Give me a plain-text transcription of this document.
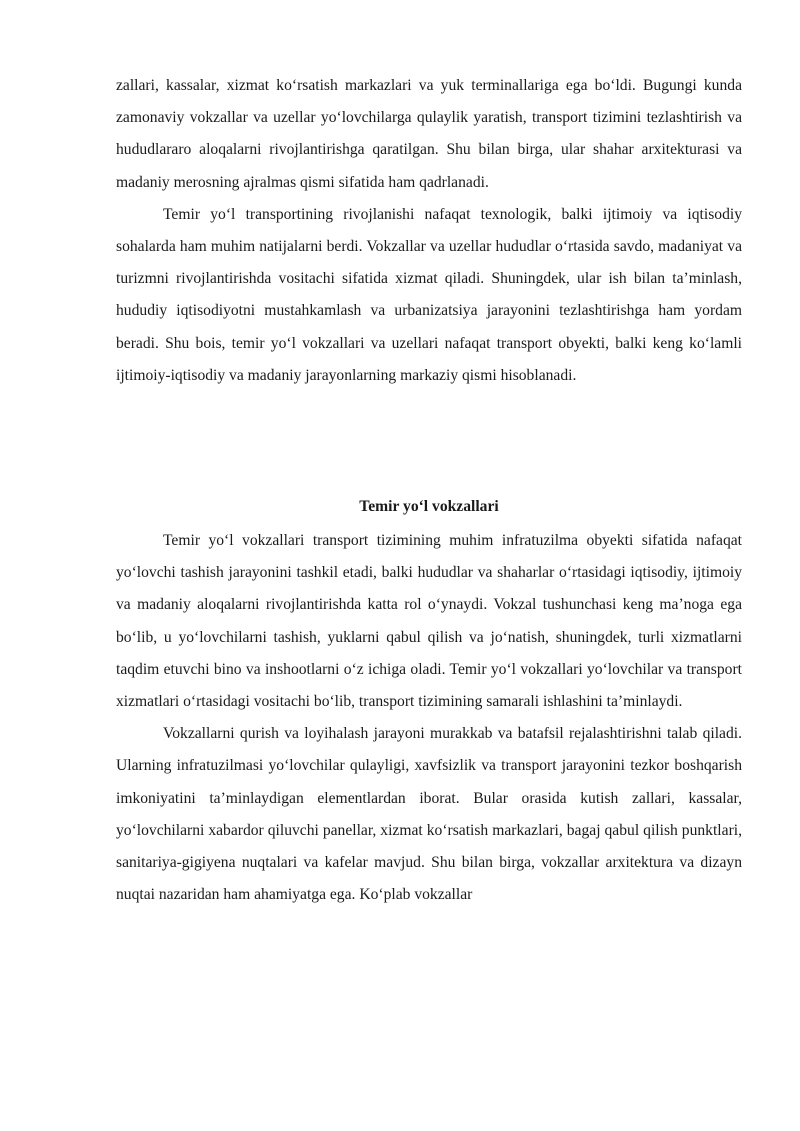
zallari, kassalar, xizmat ko‘rsatish markazlari va yuk terminallariga ega bo‘ldi. Bugungi kunda zamonaviy vokzallar va uzellar yo‘lovchilarga qulaylik yaratish, transport tizimini tezlashtirish va hududlararo aloqalarni rivojlantirishga qaratilgan. Shu bilan birga, ular shahar arxitekturasi va madaniy merosning ajralmas qismi sifatida ham qadrlanadi.

Temir yo‘l transportining rivojlanishi nafaqat texnologik, balki ijtimoiy va iqtisodiy sohalarda ham muhim natijalarni berdi. Vokzallar va uzellar hududlar o‘rtasida savdo, madaniyat va turizmni rivojlantirishda vositachi sifatida xizmat qiladi. Shuningdek, ular ish bilan ta’minlash, hududiy iqtisodiyotni mustahkamlash va urbanizatsiya jarayonini tezlashtirishga ham yordam beradi. Shu bois, temir yo‘l vokzallari va uzellari nafaqat transport obyekti, balki keng ko‘lamli ijtimoiy-iqtisodiy va madaniy jarayonlarning markaziy qismi hisoblanadi.

Temir yo‘l vokzallari

Temir yo‘l vokzallari transport tizimining muhim infratuzilma obyekti sifatida nafaqat yo‘lovchi tashish jarayonini tashkil etadi, balki hududlar va shaharlar o‘rtasidagi iqtisodiy, ijtimoiy va madaniy aloqalarni rivojlantirishda katta rol o‘ynaydi. Vokzal tushunchasi keng ma’noga ega bo‘lib, u yo‘lovchilarni tashish, yuklarni qabul qilish va jo‘natish, shuningdek, turli xizmatlarni taqdim etuvchi bino va inshootlarni o‘z ichiga oladi. Temir yo‘l vokzallari yo‘lovchilar va transport xizmatlari o‘rtasidagi vositachi bo‘lib, transport tizimining samarali ishlashini ta’minlaydi.

Vokzallarni qurish va loyihalash jarayoni murakkab va batafsil rejalashtirishni talab qiladi. Ularning infratuzilmasi yo‘lovchilar qulayligi, xavfsizlik va transport jarayonini tezkor boshqarish imkoniyatini ta’minlaydigan elementlardan iborat. Bular orasida kutish zallari, kassalar, yo‘lovchilarni xabardor qiluvchi panellar, xizmat ko‘rsatish markazlari, bagaj qabul qilish punktlari, sanitariya-gigiyena nuqtalari va kafelar mavjud. Shu bilan birga, vokzallar arxitektura va dizayn nuqtai nazaridan ham ahamiyatga ega. Ko‘plab vokzallar
